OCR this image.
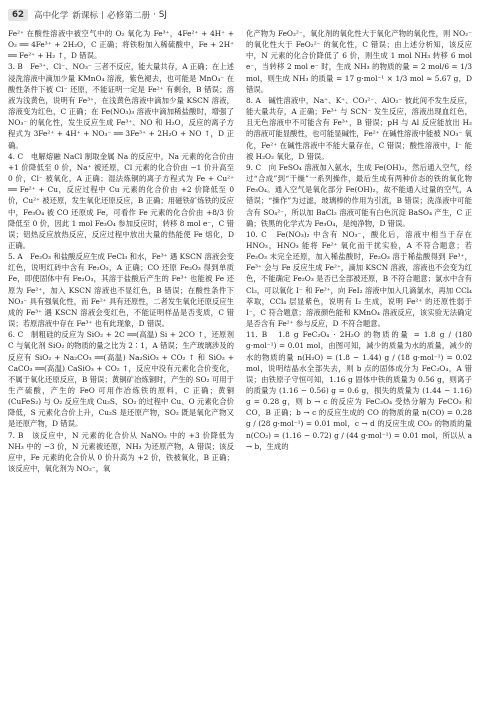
62	高中化学 新课标 必修第二册 · SJ

Fe²⁺ 在酸性溶液中被空气中的 O₂ 氧化为 Fe³⁺，4Fe²⁺ + 4H⁺ + O₂ ══ 4Fe³⁺ + 2H₂O，C 正确；将铁粉加入稀硫酸中，Fe + 2H⁺ ══ Fe²⁺ + H₂ ↑，D 错误。

3. B　Fe³⁺、Cl⁻、NO₃⁻ 三者不反应，能大量共存，A 正确；在上述浸洗溶液中滴加少量 KMnO₄ 溶液，紫色褪去，也可能是 MnO₄⁻ 在酸性条件下被 Cl⁻ 还原，不能证明一定是 Fe²⁺ 有剩余，B 错误；溶液为浅黄色，说明有 Fe³⁺，在浅黄色溶液中滴加少量 KSCN 溶液，溶液变为红色，C 正确；在 Fe(NO₃)₃ 溶液中滴加稀盐酸时，增强了 NO₃⁻ 的氧化性，发生反应生成 Fe³⁺、NO 和 H₂O，反应的离子方程式为 3Fe²⁺ + 4H⁺ + NO₃⁻ ══ 3Fe³⁺ + 2H₂O + NO ↑，D 正确。

4. C　电解熔融 NaCl 制取金属 Na 的反应中，Na 元素的化合价由 +1 价降低至 0 价，Na⁺ 被还原，Cl 元素的化合价由 −1 价升高至 0 价，Cl⁻ 被氧化，A 正确；湿法炼铜的离子方程式为 Fe + Cu²⁺ ══ Fe²⁺ + Cu，反应过程中 Cu 元素的化合价由 +2 价降低至 0 价，Cu²⁺ 被还原，发生氧化还原反应，B 正确；用磁铁矿炼铁的反应中，Fe₃O₄ 被 CO 还原成 Fe，可看作 Fe 元素的化合价由 +8/3 价降低至 0 价，因此 1 mol Fe₃O₄ 参加反应时，转移 8 mol e⁻，C 错误；铝热反应放热反应，反应过程中放出大量的热能使 Fe 熔化，D 正确。

5. A　Fe₂O₃ 和盐酸反应生成 FeCl₃ 和水，Fe³⁺ 遇 KSCN 溶液会变红色，说明红砖中含有 Fe₂O₃，A 正确；CO 还原 Fe₂O₃ 得到单质 Fe，即使固体中有 Fe₂O₃，其溶于盐酸后产生的 Fe³⁺ 也能被 Fe 还原为 Fe²⁺，加入 KSCN 溶液也不显红色，B 错误；在酸性条件下 NO₃⁻ 具有强氧化性，而 Fe²⁺ 具有还原性，二者发生氧化还原反应生成的 Fe³⁺ 遇 KSCN 溶液会变红色，不能证明样品是否变质，C 错误；若原溶液中存在 Fe³⁺ 也有此现象，D 错误。

6. C　制粗硅的反应为 SiO₂ + 2C ══(高温) Si + 2CO ↑，还原剂 C 与氧化剂 SiO₂ 的物质的量之比为 2∶1，A 错误；生产玻璃涉及的反应有 SiO₂ + Na₂CO₃ ══(高温) Na₂SiO₃ + CO₂ ↑ 和 SiO₂ + CaCO₃ ══(高温) CaSiO₃ + CO₂ ↑，反应中没有元素化合价变化，不属于氧化还原反应，B 错误；黄铜矿冶炼铜时，产生的 SO₂ 可用于生产硫酸，产生的 FeO 可用作冶炼铁的原料，C 正确；黄铜 (CuFeS₂) 与 O₂ 反应生成 Cu₂S、SO₂ 的过程中 Cu、O 元素化合价降低，S 元素化合价上升，Cu₂S 是还原产物，SO₂ 既是氧化产物又是还原产物，D 错误。

7. B　该反应中，N 元素的化合价从 NaNO₂ 中的 +3 价降低为 NH₃ 中的 −3 价，N 元素被还原，NH₃ 为还原产物，A 错误；该反应中，Fe 元素的化合价从 0 价升高为 +2 价，铁被氧化，B 正确；该反应中，氧化剂为 NO₂⁻，氧

化产物为 FeO₂²⁻，氧化剂的氧化性大于氧化产物的氧化性，则 NO₂⁻ 的氧化性大于 FeO₂²⁻ 的氧化性，C 错误；由上述分析知，该反应中，N 元素的化合价降低了 6 价，则生成 1 mol NH₃ 转移 6 mol e⁻，当转移 2 mol e⁻ 时，生成 NH₃ 的物质的量 = 2 mol/6 = 1/3 mol，则生成 NH₃ 的质量 = 17 g·mol⁻¹ × 1/3 mol ≈ 5.67 g，D 错误。

8. A　碱性溶液中，Na⁺、K⁺、CO₃²⁻、AlO₂⁻ 彼此间不发生反应，能大量共存，A 正确；Fe³⁺ 与 SCN⁻ 发生反应，溶液出现血红色，且无色溶液中不可能含有 Fe³⁺，B 错误；pH 与 Al 反应能放出 H₂ 的溶液可能显酸性，也可能显碱性，Fe²⁺ 在碱性溶液中能被 NO₃⁻ 氧化，Fe²⁺ 在碱性溶液中不能大量存在，C 错误；酸性溶液中，I⁻ 能被 H₂O₂ 氧化，D 错误。

9. C　向 FeSO₄ 溶液加入氨水，生成 Fe(OH)₂，然后通入空气，经过“合成”到“干燥”一系列操作，最后生成有两种价态的铁的氧化物 Fe₃O₄。通入空气是氧化部分 Fe(OH)₂，故不能通入过量的空气，A 错误；“操作”为过滤，玻璃棒的作用为引流，B 错误；洗涤液中可能含有 SO₄²⁻，所以加 BaCl₂ 溶液可能有白色沉淀 BaSO₄ 产生，C 正确；铁黑的化学式为 Fe₃O₄，是纯净物，D 错误。

10. C　Fe(NO₃)₂ 中含有 NO₃⁻，酸化后，溶液中相当于存在 HNO₃，HNO₃ 能将 Fe²⁺ 氧化而干扰实验，A 不符合题意；若 Fe₂O₃ 未完全还原，加入稀盐酸时，Fe₂O₃ 溶于稀盐酸得到 Fe³⁺，Fe³⁺ 会与 Fe 反应生成 Fe²⁺，滴加 KSCN 溶液，溶液也不会变为红色，不能确定 Fe₂O₃ 是否已全部被还原，B 不符合题意；氯水中含有 Cl₂，可以氧化 I⁻ 和 Fe²⁺，向 FeI₂ 溶液中加入几滴氯水，再加 CCl₄ 萃取，CCl₄ 层显紫色，说明有 I₂ 生成，说明 Fe²⁺ 的还原性弱于 I⁻，C 符合题意；溶液颜色能和 KMnO₄ 溶液反应，该实验无法确定是否含有 Fe²⁺ 参与反应，D 不符合题意。

11. B　1.8 g FeC₂O₄ · 2H₂O 的物质的量 = 1.8 g / (180 g·mol⁻¹) = 0.01 mol，由图可知，减少的质量为水的质量，减少的水的物质的量 n(H₂O) = (1.8 − 1.44) g / (18 g·mol⁻¹) = 0.02 mol，说明结晶水全部失去，则 b 点的固体成分为 FeC₂O₄，A 错误；由铁原子守恒可知，1.16 g 固体中铁的质量为 0.56 g，则离子的质量为 (1.16 − 0.56) g = 0.6 g，损失的质量为 (1.44 − 1.16) g = 0.28 g，则 b → c 的反应为 FeC₂O₄ 受热分解为 FeCO₃ 和 CO，B 正确；b → c 的反应生成的 CO 的物质的量 n(CO) = 0.28 g / (28 g·mol⁻¹) = 0.01 mol，c → d 的反应生成 CO₂ 的物质的量 n(CO₂) = (1.16 − 0.72) g / (44 g·mol⁻¹) = 0.01 mol，所以从 a → b，生成的
